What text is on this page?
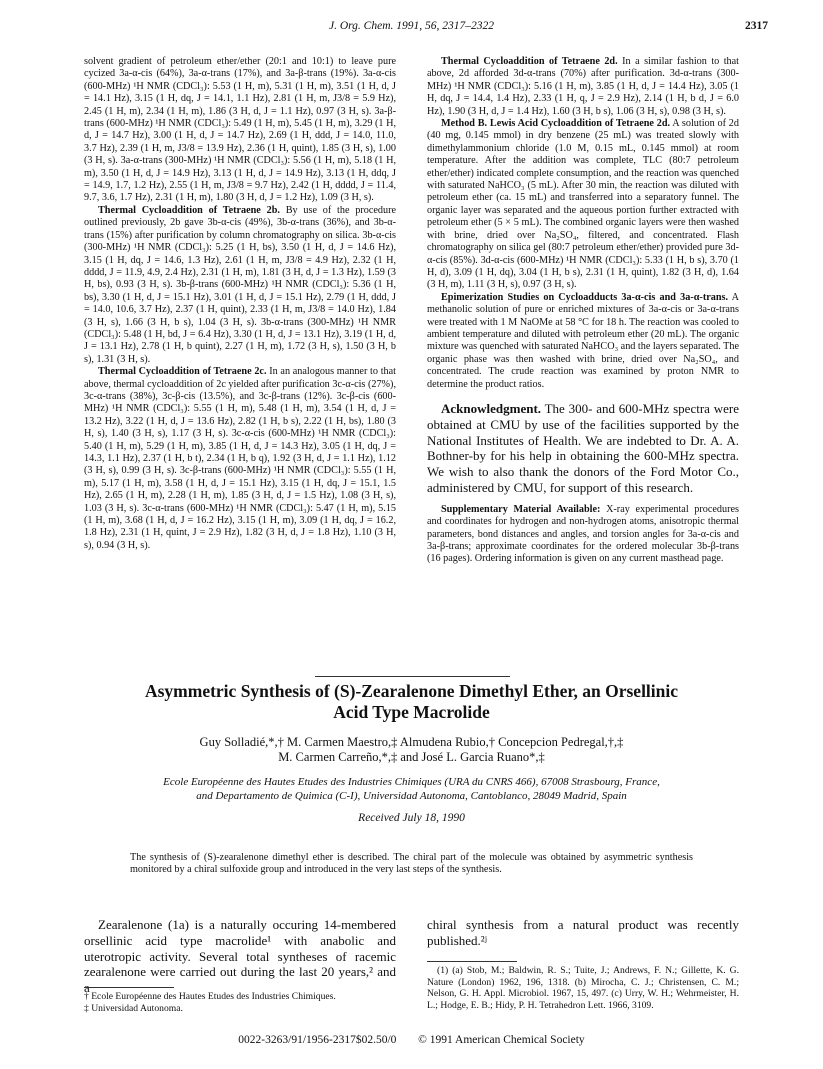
J. Org. Chem. 1991, 56, 2317–2322	2317

solvent gradient of petroleum ether/ether (20:1 and 10:1) to leave pure cycized 3a-α-cis (64%), 3a-α-trans (17%), and 3a-β-trans (19%). 3a-α-cis (600-MHz) ¹H NMR (CDCl₃): 5.53 (1 H, m), 5.31 (1 H, m), 3.51 (1 H, d, J = 14.1 Hz), 3.15 (1 H, dq, J = 14.1, 1.1 Hz), 2.81 (1 H, m, J3/8 = 5.9 Hz), 2.45 (1 H, m), 2.34 (1 H, m), 1.86 (3 H, d, J = 1.1 Hz), 0.97 (3 H, s). 3a-β-trans (600-MHz) ¹H NMR (CDCl₃): 5.49 (1 H, m), 5.45 (1 H, m), 3.29 (1 H, d, J = 14.7 Hz), 3.00 (1 H, d, J = 14.7 Hz), 2.69 (1 H, ddd, J = 14.0, 11.0, 3.7 Hz), 2.39 (1 H, m, J3/8 = 13.9 Hz), 2.36 (1 H, quint), 1.85 (3 H, s), 1.00 (3 H, s). 3a-α-trans (300-MHz) ¹H NMR (CDCl₃): 5.56 (1 H, m), 5.18 (1 H, m), 3.50 (1 H, d, J = 14.9 Hz), 3.13 (1 H, d, J = 14.9 Hz), 3.13 (1 H, ddq, J = 14.9, 1.7, 1.2 Hz), 2.55 (1 H, m, J3/8 = 9.7 Hz), 2.42 (1 H, dddd, J = 11.4, 9.7, 3.6, 1.7 Hz), 2.31 (1 H, m), 1.80 (3 H, d, J = 1.2 Hz), 1.09 (3 H, s).

Thermal Cycloaddition of Tetraene 2b. By use of the procedure outlined previously, 2b gave 3b-α-cis (49%), 3b-α-trans (36%), and 3b-α-trans (15%) after purification by column chromatography on silica. 3b-α-cis (300-MHz) ¹H NMR (CDCl₃): 5.25 (1 H, bs), 3.50 (1 H, d, J = 14.6 Hz), 3.15 (1 H, dq, J = 14.6, 1.3 Hz), 2.61 (1 H, m, J3/8 = 4.9 Hz), 2.32 (1 H, dddd, J = 11.9, 4.9, 2.4 Hz), 2.31 (1 H, m), 1.81 (3 H, d, J = 1.3 Hz), 1.59 (3 H, bs), 0.93 (3 H, s). 3b-β-trans (600-MHz) ¹H NMR (CDCl₃): 5.36 (1 H, bs), 3.30 (1 H, d, J = 15.1 Hz), 3.01 (1 H, d, J = 15.1 Hz), 2.79 (1 H, ddd, J = 14.0, 10.6, 3.7 Hz), 2.37 (1 H, quint), 2.33 (1 H, m, J3/8 = 14.0 Hz), 1.84 (3 H, s), 1.66 (3 H, b s), 1.04 (3 H, s). 3b-α-trans (300-MHz) ¹H NMR (CDCl₃): 5.48 (1 H, bd, J = 6.4 Hz), 3.30 (1 H, d, J = 13.1 Hz), 3.19 (1 H, d, J = 13.1 Hz), 2.78 (1 H, b quint), 2.27 (1 H, m), 1.72 (3 H, s), 1.50 (3 H, b s), 1.31 (3 H, s).

Thermal Cycloaddition of Tetraene 2c. In an analogous manner to that above, thermal cycloaddition of 2c yielded after purification 3c-α-cis (27%), 3c-α-trans (38%), 3c-β-cis (13.5%), and 3c-β-trans (12%). 3c-β-cis (600-MHz) ¹H NMR (CDCl₃): 5.55 (1 H, m), 5.48 (1 H, m), 3.54 (1 H, d, J = 13.2 Hz), 3.22 (1 H, d, J = 13.6 Hz), 2.82 (1 H, b s), 2.22 (1 H, bs), 1.80 (3 H, s), 1.40 (3 H, s), 1.17 (3 H, s). 3c-α-cis (600-MHz) ¹H NMR (CDCl₃): 5.40 (1 H, m), 5.29 (1 H, m), 3.85 (1 H, d, J = 14.3 Hz), 3.05 (1 H, dq, J = 14.3, 1.1 Hz), 2.37 (1 H, b t), 2.34 (1 H, b q), 1.92 (3 H, d, J = 1.1 Hz), 1.12 (3 H, s), 0.99 (3 H, s). 3c-β-trans (600-MHz) ¹H NMR (CDCl₃): 5.55 (1 H, m), 5.17 (1 H, m), 3.58 (1 H, d, J = 15.1 Hz), 3.15 (1 H, dq, J = 15.1, 1.5 Hz), 2.65 (1 H, m), 2.28 (1 H, m), 1.85 (3 H, d, J = 1.5 Hz), 1.08 (3 H, s), 1.03 (3 H, s). 3c-α-trans (600-MHz) ¹H NMR (CDCl₃): 5.47 (1 H, m), 5.15 (1 H, m), 3.68 (1 H, d, J = 16.2 Hz), 3.15 (1 H, m), 3.09 (1 H, dq, J = 16.2, 1.8 Hz), 2.31 (1 H, quint, J = 2.9 Hz), 1.82 (3 H, d, J = 1.8 Hz), 1.10 (3 H, s), 0.94 (3 H, s).

Thermal Cycloaddition of Tetraene 2d. In a similar fashion to that above, 2d afforded 3d-α-trans (70%) after purification. 3d-α-trans (300-MHz) ¹H NMR (CDCl₃): 5.16 (1 H, m), 3.85 (1 H, d, J = 14.4 Hz), 3.05 (1 H, dq, J = 14.4, 1.4 Hz), 2.33 (1 H, q, J = 2.9 Hz), 2.14 (1 H, b d, J = 6.0 Hz), 1.90 (3 H, d, J = 1.4 Hz), 1.60 (3 H, b s), 1.06 (3 H, s), 0.98 (3 H, s).

Method B. Lewis Acid Cycloaddition of Tetraene 2d. A solution of 2d (40 mg, 0.145 mmol) in dry benzene (25 mL) was treated slowly with dimethylammonium chloride (1.0 M, 0.15 mL, 0.145 mmol) at room temperature. After the addition was complete, TLC (80:7 petroleum ether/ether) indicated complete consumption, and the reaction was quenched with saturated NaHCO₃ (5 mL). After 30 min, the reaction was diluted with petroleum ether (ca. 15 mL) and transferred into a separatory funnel. The organic layer was separated and the aqueous portion further extracted with petroleum ether (5 × 5 mL). The combined organic layers were then washed with brine, dried over Na₂SO₄, filtered, and concentrated. Flash chromatography on silica gel (80:7 petroleum ether/ether) provided pure 3d-α-cis (85%). 3d-α-cis (600-MHz) ¹H NMR (CDCl₃): 5.33 (1 H, b s), 3.70 (1 H, d), 3.09 (1 H, dq), 3.04 (1 H, b s), 2.31 (1 H, quint), 1.82 (3 H, d), 1.64 (3 H, m), 1.11 (3 H, s), 0.97 (3 H, s).

Epimerization Studies on Cycloadducts 3a-α-cis and 3a-α-trans. A methanolic solution of pure or enriched mixtures of 3a-α-cis or 3a-α-trans were treated with 1 M NaOMe at 58 °C for 18 h. The reaction was cooled to ambient temperature and diluted with petroleum ether (20 mL). The organic mixture was quenched with saturated NaHCO₃ and the layers separated. The organic phase was then washed with brine, dried over Na₂SO₄, and concentrated. The crude reaction was examined by proton NMR to determine the product ratios.

Acknowledgment. The 300- and 600-MHz spectra were obtained at CMU by use of the facilities supported by the National Institutes of Health. We are indebted to Dr. A. A. Bothner-by for his help in obtaining the 600-MHz spectra. We wish to also thank the donors of the Ford Motor Co., administered by CMU, for support of this research.

Supplementary Material Available: X-ray experimental procedures and coordinates for hydrogen and non-hydrogen atoms, anisotropic thermal parameters, bond distances and angles, and torsion angles for 3a-α-cis and 3a-β-trans; approximate coordinates for the ordered molecular 3b-β-trans (16 pages). Ordering information is given on any current masthead page.

Asymmetric Synthesis of (S)-Zearalenone Dimethyl Ether, an Orsellinic
Acid Type Macrolide
Guy Solladié,*,† M. Carmen Maestro,‡ Almudena Rubio,† Concepcion Pedregal,†,‡
M. Carmen Carreño,*,‡ and José L. Garcia Ruano*,‡
Ecole Européenne des Hautes Etudes des Industries Chimiques (URA du CNRS 466), 67008 Strasbourg, France,
and Departamento de Quimica (C-I), Universidad Autonoma, Cantoblanco, 28049 Madrid, Spain
Received July 18, 1990
The synthesis of (S)-zearalenone dimethyl ether is described. The chiral part of the molecule was obtained by asymmetric synthesis monitored by a chiral sulfoxide group and introduced in the very last steps of the synthesis.
Zearalenone (1a) is a naturally occuring 14-membered orsellinic acid type macrolide¹ with anabolic and uterotropic activity. Several total syntheses of racemic zearalenone were carried out during the last 20 years,² and
chiral synthesis from a natural product was recently published.²ʲ
† Ecole Européenne des Hautes Etudes des Industries Chimiques.
‡ Universidad Autonoma.
(1) (a) Stob, M.; Baldwin, R. S.; Tuite, J.; Andrews, F. N.; Gillette, K. G. Nature (London) 1962, 196, 1318. (b) Mirocha, C. J.; Christensen, C. M.; Nelson, G. H. Appl. Microbiol. 1967, 15, 497. (c) Urry, W. H.; Wehrmeister, H. L.; Hodge, E. B.; Hidy, P. H. Tetrahedron Lett. 1966, 3109.
0022-3263/91/1956-2317$02.50/0 © 1991 American Chemical Society
